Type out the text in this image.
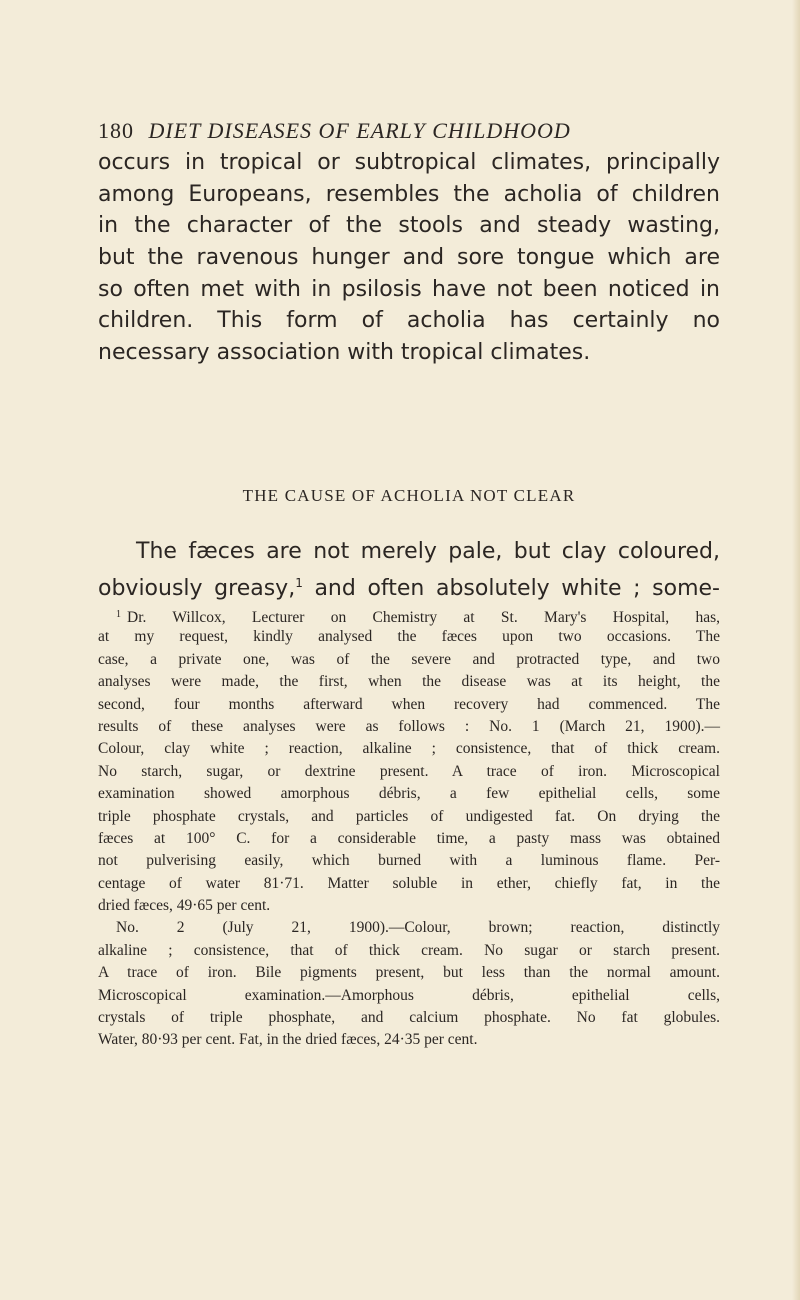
180 DIET DISEASES OF EARLY CHILDHOOD
occurs in tropical or subtropical climates, principally
among Europeans, resembles the acholia of children
in the character of the stools and steady wasting,
but the ravenous hunger and sore tongue which are
so often met with in psilosis have not been noticed in
children. This form of acholia has certainly no
necessary association with tropical climates.
THE CAUSE OF ACHOLIA NOT CLEAR
The fæces are not merely pale, but clay coloured,
obviously greasy,$^1$ and often absolutely white ; some-
$^1$ Dr. Willcox, Lecturer on Chemistry at St. Mary's Hospital, has,
at my request, kindly analysed the fæces upon two occasions. The
case, a private one, was of the severe and protracted type, and two
analyses were made, the first, when the disease was at its height, the
second, four months afterward when recovery had commenced. The
results of these analyses were as follows : No. 1 (March 21, 1900).—
Colour, clay white ; reaction, alkaline ; consistence, that of thick cream.
No starch, sugar, or dextrine present. A trace of iron. Microscopical
examination showed amorphous débris, a few epithelial cells, some
triple phosphate crystals, and particles of undigested fat. On drying the
fæces at 100° C. for a considerable time, a pasty mass was obtained
not pulverising easily, which burned with a luminous flame. Per-
centage of water 81·71. Matter soluble in ether, chiefly fat, in the
dried fæces, 49·65 per cent.
No. 2 (July 21, 1900).—Colour, brown; reaction, distinctly
alkaline ; consistence, that of thick cream. No sugar or starch present.
A trace of iron. Bile pigments present, but less than the normal amount.
Microscopical examination.—Amorphous débris, epithelial cells,
crystals of triple phosphate, and calcium phosphate. No fat globules.
Water, 80·93 per cent. Fat, in the dried fæces, 24·35 per cent.
